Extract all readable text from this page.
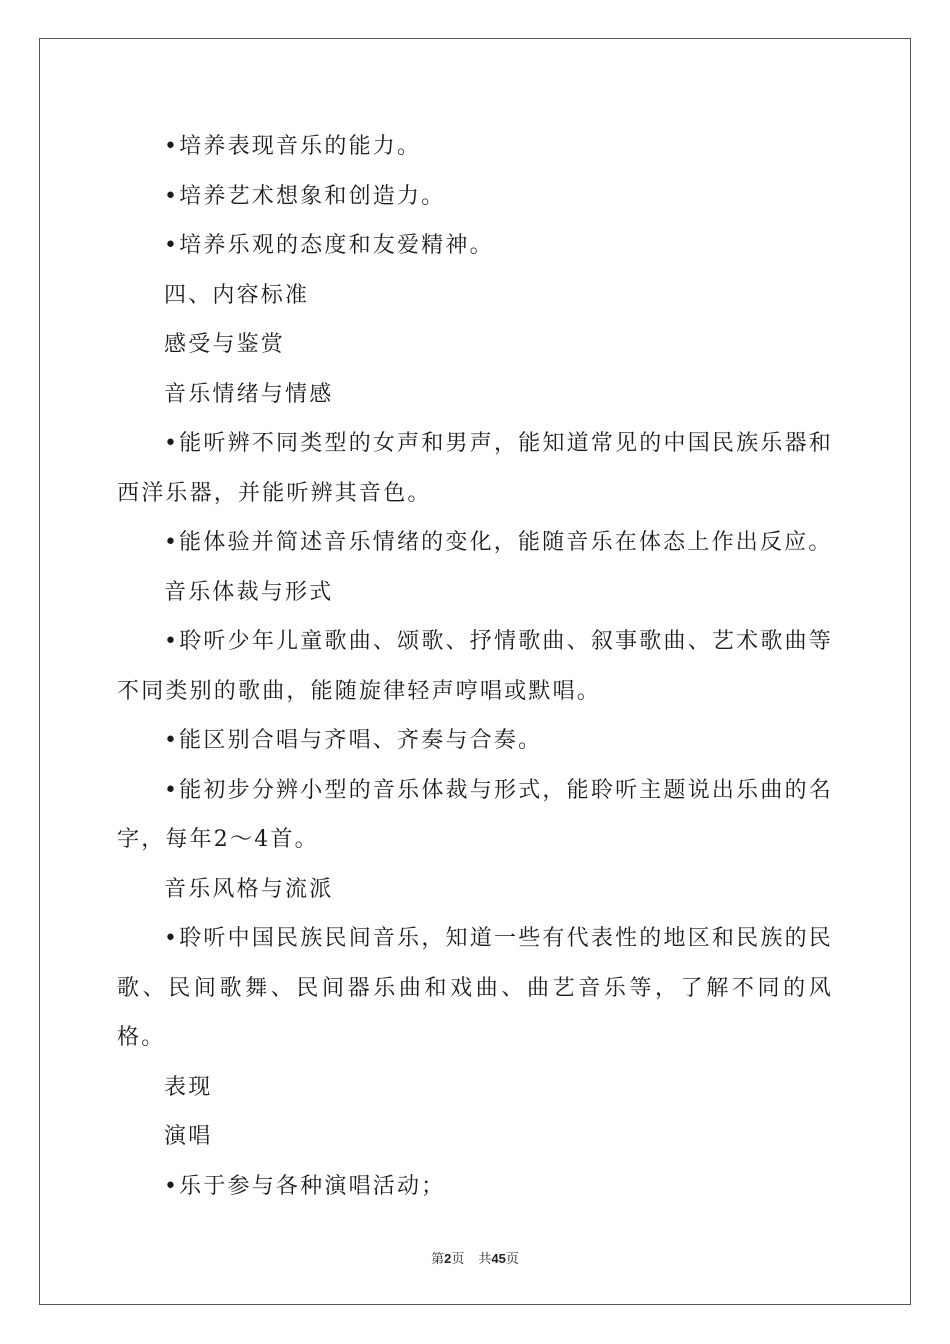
•培养表现音乐的能力。

•培养艺术想象和创造力。

•培养乐观的态度和友爱精神。

四、内容标准

感受与鉴赏

音乐情绪与情感

•能听辨不同类型的女声和男声，能知道常见的中国民族乐器和西洋乐器，并能听辨其音色。

•能体验并简述音乐情绪的变化，能随音乐在体态上作出反应。

音乐体裁与形式

•聆听少年儿童歌曲、颂歌、抒情歌曲、叙事歌曲、艺术歌曲等不同类别的歌曲，能随旋律轻声哼唱或默唱。

•能区别合唱与齐唱、齐奏与合奏。

•能初步分辨小型的音乐体裁与形式，能聆听主题说出乐曲的名字，每年2～4首。

音乐风格与流派

•聆听中国民族民间音乐，知道一些有代表性的地区和民族的民歌、民间歌舞、民间器乐曲和戏曲、曲艺音乐等，了解不同的风格。

表现

演唱

•乐于参与各种演唱活动；

第2页 共45页
